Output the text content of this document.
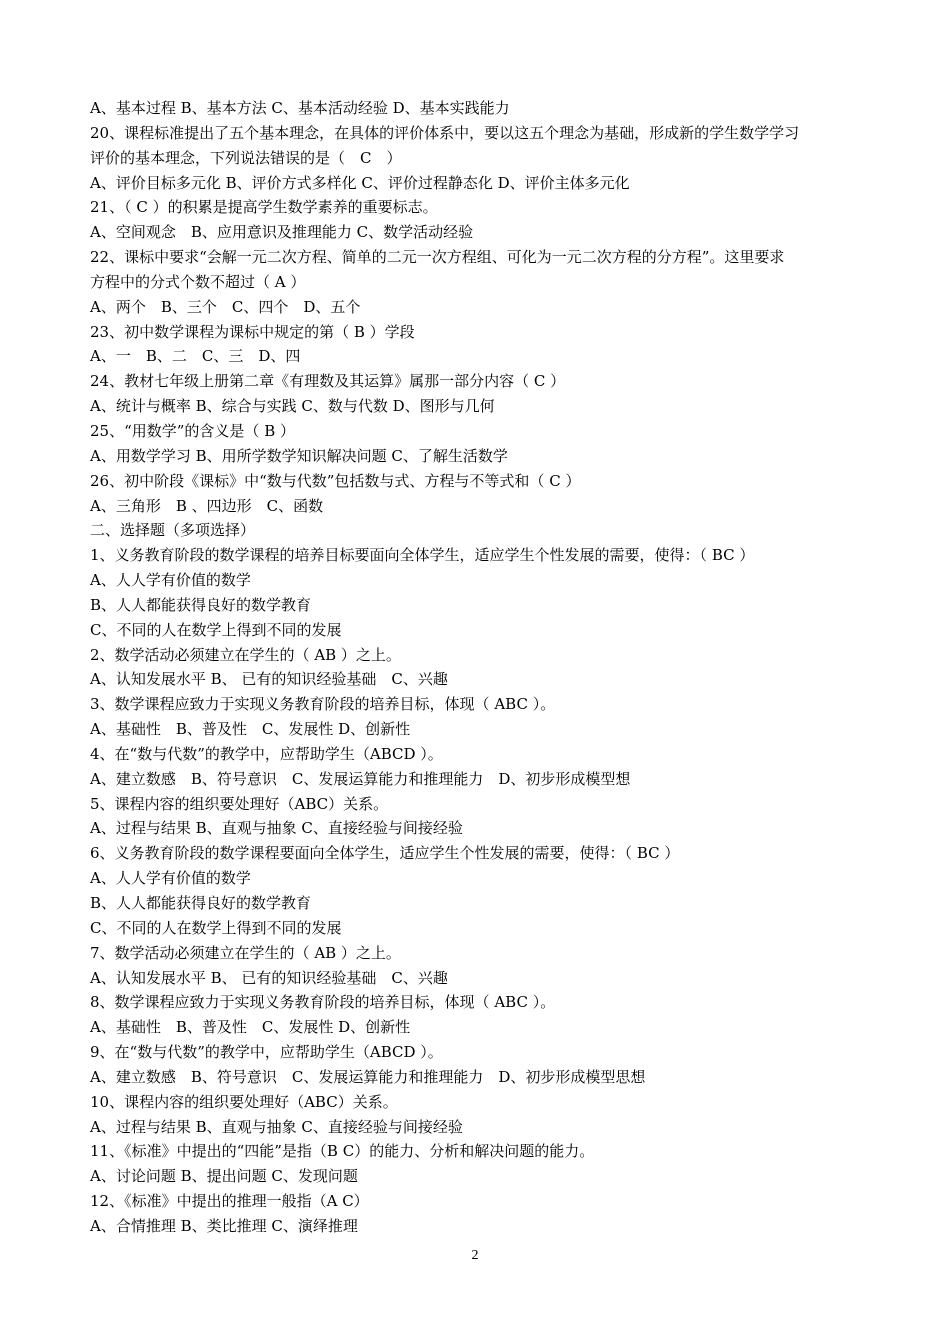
A、基本过程 B、基本方法 C、基本活动经验 D、基本实践能力
20、课程标准提出了五个基本理念，在具体的评价体系中，要以这五个理念为基础，形成新的学生数学学习
评价的基本理念，下列说法错误的是（　C　）
A、评价目标多元化 B、评价方式多样化 C、评价过程静态化 D、评价主体多元化
21、（ C ）的积累是提高学生数学素养的重要标志。
A、空间观念　B、应用意识及推理能力 C、数学活动经验
22、课标中要求“会解一元二次方程、简单的二元一次方程组、可化为一元二次方程的分方程”。这里要求
方程中的分式个数不超过（ A ）
A、两个　B、三个　C、四个　D、五个
23、初中数学课程为课标中规定的第（ B ）学段
A、一　B、二　C、三　D、四
24、教材七年级上册第二章《有理数及其运算》属那一部分内容（ C ）
A、统计与概率 B、综合与实践 C、数与代数 D、图形与几何
25、“用数学”的含义是（ B ）
A、用数学学习 B、用所学数学知识解决问题 C、了解生活数学
26、初中阶段《课标》中“数与代数”包括数与式、方程与不等式和（ C ）
A、三角形　B 、四边形　C、函数
二、选择题（多项选择）
1、义务教育阶段的数学课程的培养目标要面向全体学生，适应学生个性发展的需要，使得：（ BC ）
A、人人学有价值的数学
B、人人都能获得良好的数学教育
C、不同的人在数学上得到不同的发展
2、数学活动必须建立在学生的（ AB ）之上。
A、认知发展水平 B、 已有的知识经验基础　C、兴趣
3、数学课程应致力于实现义务教育阶段的培养目标，体现（ ABC ）。
A、基础性　B、普及性　C、发展性 D、创新性
4、在“数与代数”的教学中，应帮助学生（ABCD ）。
A、建立数感　B、符号意识　C、发展运算能力和推理能力　D、初步形成模型想
5、课程内容的组织要处理好（ABC）关系。
A、过程与结果 B、直观与抽象 C、直接经验与间接经验
6、义务教育阶段的数学课程要面向全体学生，适应学生个性发展的需要，使得：（ BC ）
A、人人学有价值的数学
B、人人都能获得良好的数学教育
C、不同的人在数学上得到不同的发展
7、数学活动必须建立在学生的（ AB ）之上。
A、认知发展水平 B、 已有的知识经验基础　C、兴趣
8、数学课程应致力于实现义务教育阶段的培养目标，体现（ ABC ）。
A、基础性　B、普及性　C、发展性 D、创新性
9、在“数与代数”的教学中，应帮助学生（ABCD ）。
A、建立数感　B、符号意识　C、发展运算能力和推理能力　D、初步形成模型思想
10、课程内容的组织要处理好（ABC）关系。
A、过程与结果 B、直观与抽象 C、直接经验与间接经验
11、《标准》中提出的“四能”是指（B C）的能力、分析和解决问题的能力。
A、讨论问题 B、提出问题 C、发现问题
12、《标准》中提出的推理一般指（A C）
A、合情推理 B、类比推理 C、演绎推理
2
